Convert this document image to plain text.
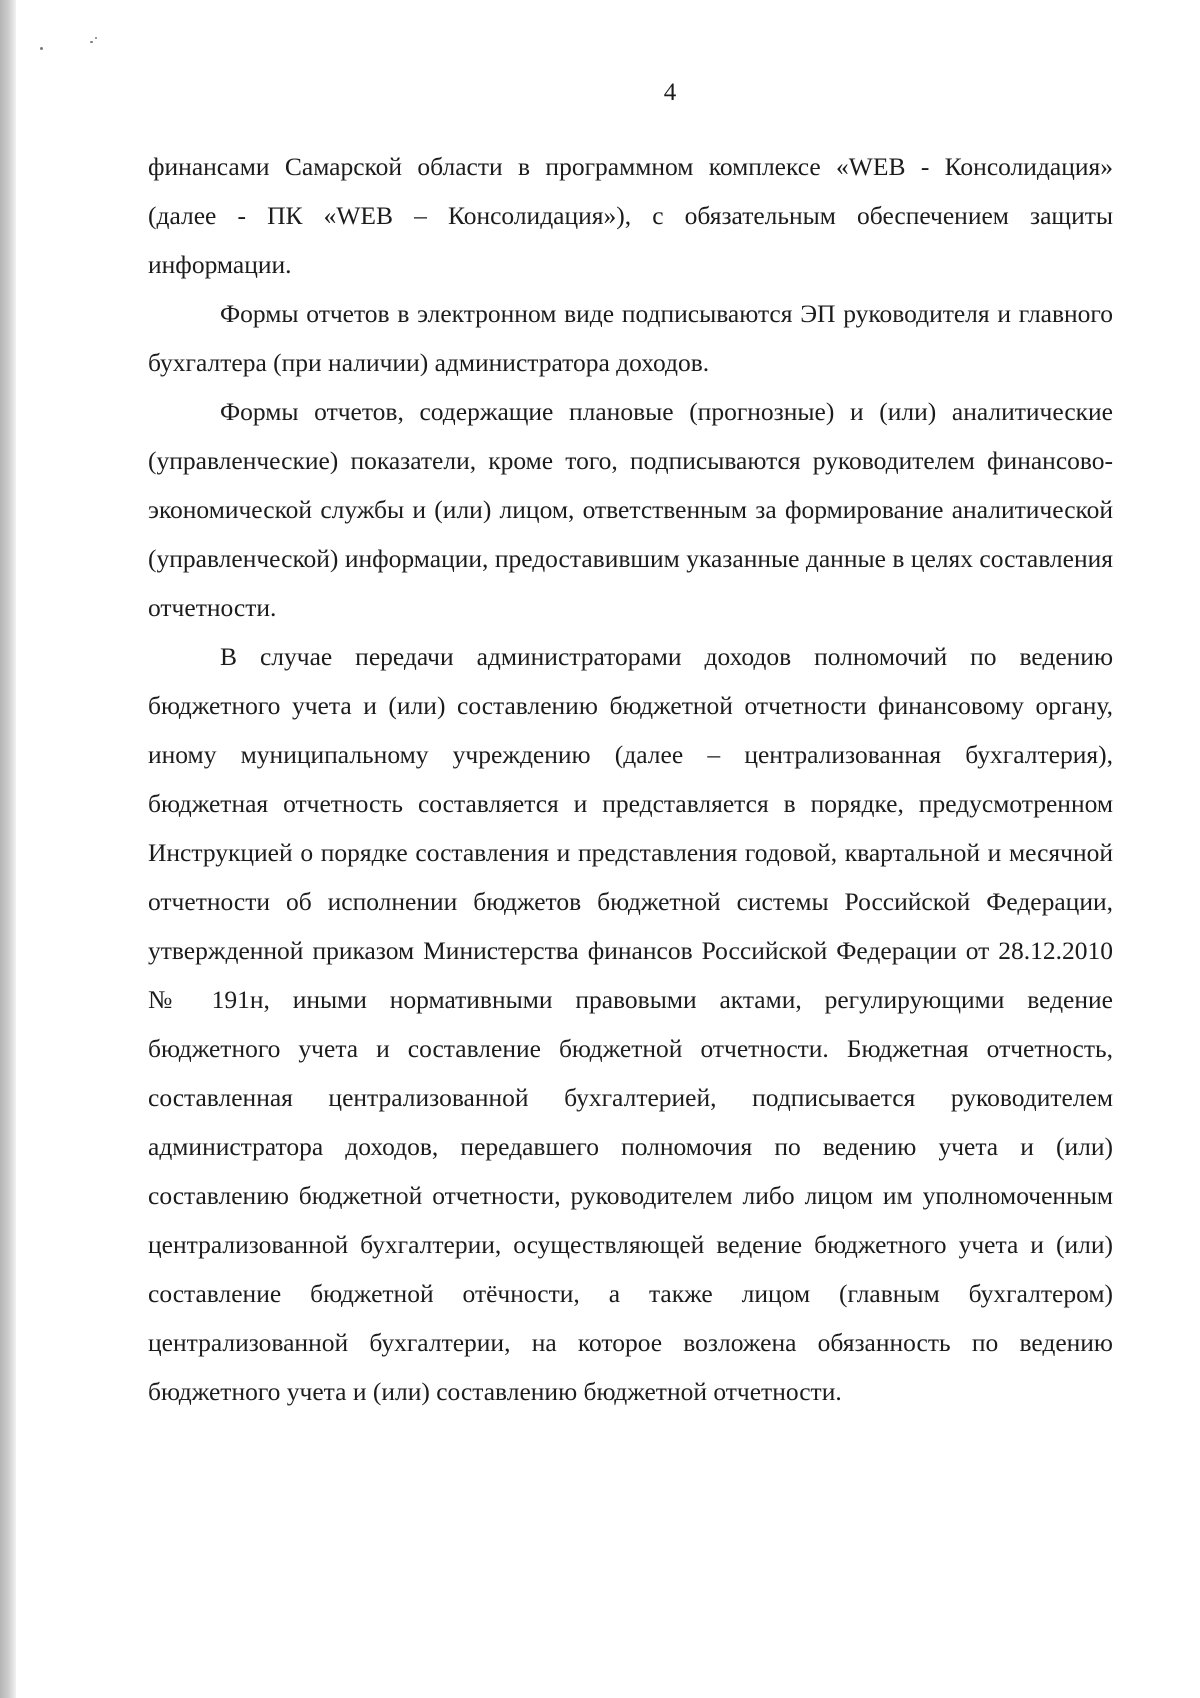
4

финансами Самарской области в программном комплексе «WEB - Консолидация» (далее - ПК «WEB – Консолидация»), с обязательным обеспечением защиты информации.

Формы отчетов в электронном виде подписываются ЭП руководителя и главного бухгалтера (при наличии) администратора доходов.

Формы отчетов, содержащие плановые (прогнозные) и (или) аналитические (управленческие) показатели, кроме того, подписываются руководителем финансово-экономической службы и (или) лицом, ответственным за формирование аналитической (управленческой) информации, предоставившим указанные данные в целях составления отчетности.

В случае передачи администраторами доходов полномочий по ведению бюджетного учета и (или) составлению бюджетной отчетности финансовому органу, иному муниципальному учреждению (далее – централизованная бухгалтерия), бюджетная отчетность составляется и представляется в порядке, предусмотренном Инструкцией о порядке составления и представления годовой, квартальной и месячной отчетности об исполнении бюджетов бюджетной системы Российской Федерации, утвержденной приказом Министерства финансов Российской Федерации от 28.12.2010 № 191н, иными нормативными правовыми актами, регулирующими ведение бюджетного учета и составление бюджетной отчетности. Бюджетная отчетность, составленная централизованной бухгалтерией, подписывается руководителем администратора доходов, передавшего полномочия по ведению учета и (или) составлению бюджетной отчетности, руководителем либо лицом им уполномоченным централизованной бухгалтерии, осуществляющей ведение бюджетного учета и (или) составление бюджетной отёчности, а также лицом (главным бухгалтером) централизованной бухгалтерии, на которое возложена обязанность по ведению бюджетного учета и (или) составлению бюджетной отчетности.
